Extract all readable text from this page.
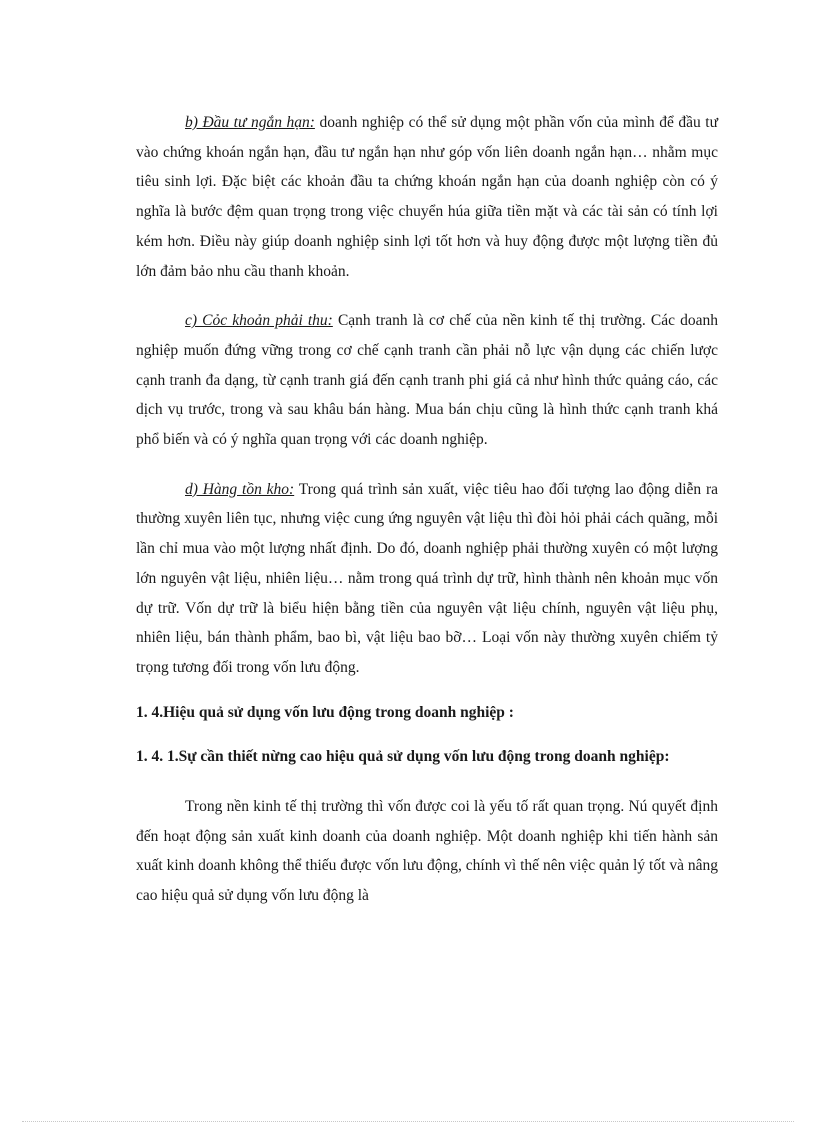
b) Đầu tư ngắn hạn: doanh nghiệp có thể sử dụng một phần vốn của mình để đầu tư vào chứng khoán ngắn hạn, đầu tư ngắn hạn như góp vốn liên doanh ngắn hạn… nhằm mục tiêu sinh lợi. Đặc biệt các khoản đầu ta chứng khoán ngắn hạn của doanh nghiệp còn có ý nghĩa là bước đệm quan trọng trong việc chuyển húa giữa tiền mặt và các tài sản có tính lợi kém hơn. Điều này giúp doanh nghiệp sinh lợi tốt hơn và huy động được một lượng tiền đủ lớn đảm bảo nhu cầu thanh khoản.

c) Cỏc khoản phải thu: Cạnh tranh là cơ chế của nền kinh tế thị trường. Các doanh nghiệp muốn đứng vững trong cơ chế cạnh tranh cần phải nỗ lực vận dụng các chiến lược cạnh tranh đa dạng, từ cạnh tranh giá đến cạnh tranh phi giá cả như hình thức quảng cáo, các dịch vụ trước, trong và sau khâu bán hàng. Mua bán chịu cũng là hình thức cạnh tranh khá phổ biến và có ý nghĩa quan trọng với các doanh nghiệp.

d) Hàng tồn kho: Trong quá trình sản xuất, việc tiêu hao đối tượng lao động diễn ra thường xuyên liên tục, nhưng việc cung ứng nguyên vật liệu thì đòi hỏi phải cách quãng, mỗi lần chỉ mua vào một lượng nhất định. Do đó, doanh nghiệp phải thường xuyên có một lượng lớn nguyên vật liệu, nhiên liệu… nằm trong quá trình dự trữ, hình thành nên khoản mục vốn dự trữ. Vốn dự trữ là biểu hiện bằng tiền của nguyên vật liệu chính, nguyên vật liệu phụ, nhiên liệu, bán thành phẩm, bao bì, vật liệu bao bỡ… Loại vốn này thường xuyên chiếm tỷ trọng tương đối trong vốn lưu động.

1. 4.Hiệu quả sử dụng vốn lưu động trong doanh nghiệp :

1. 4. 1.Sự cần thiết nừng cao hiệu quả sử dụng vốn lưu động trong doanh nghiệp:

Trong nền kinh tế thị trường thì vốn được coi là yếu tố rất quan trọng. Nú quyết định đến hoạt động sản xuất kinh doanh của doanh nghiệp. Một doanh nghiệp khi tiến hành sản xuất kinh doanh không thể thiếu được vốn lưu động, chính vì thế nên việc quản lý tốt và nâng cao hiệu quả sử dụng vốn lưu động là
